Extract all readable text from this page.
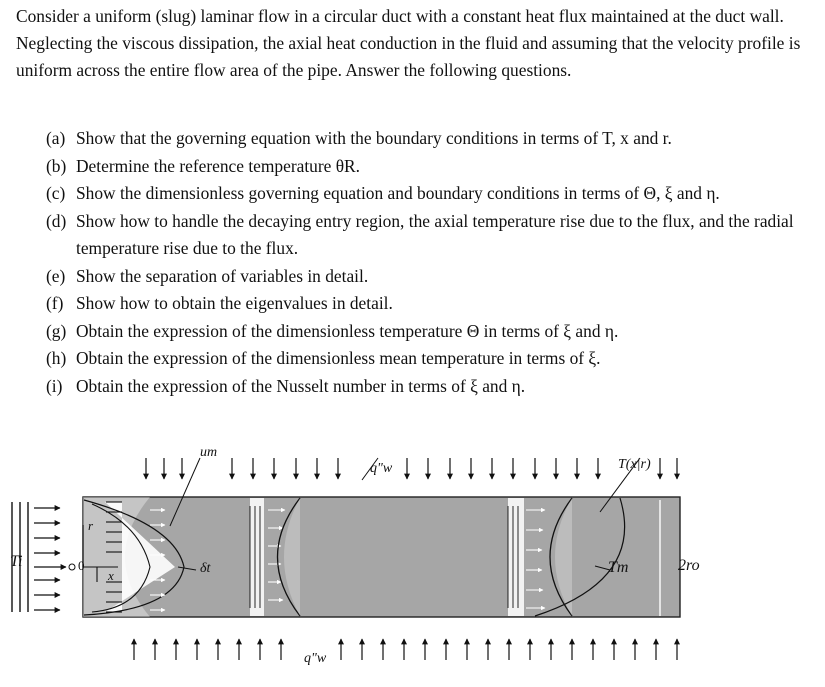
Consider a uniform (slug) laminar flow in a circular duct with a constant heat flux maintained at the duct wall. Neglecting the viscous dissipation, the axial heat conduction in the fluid and assuming that the velocity profile is uniform across the entire flow area of the pipe. Answer the following questions.

(a) Show that the governing equation with the boundary conditions in terms of T, x and r.
(b) Determine the reference temperature θR.
(c) Show the dimensionless governing equation and boundary conditions in terms of Θ, ξ and η.
(d) Show how to handle the decaying entry region, the axial temperature rise due to the flux, and the radial temperature rise due to the flux.
(e) Show the separation of variables in detail.
(f) Show how to obtain the eigenvalues in detail.
(g) Obtain the expression of the dimensionless temperature Θ in terms of ξ and η.
(h) Obtain the expression of the dimensionless mean temperature in terms of ξ.
(i) Obtain the expression of the Nusselt number in terms of ξ and η.
um
q"w	T(x|r)
Ti
r
0
x	δt	Tm	2ro
q"w
